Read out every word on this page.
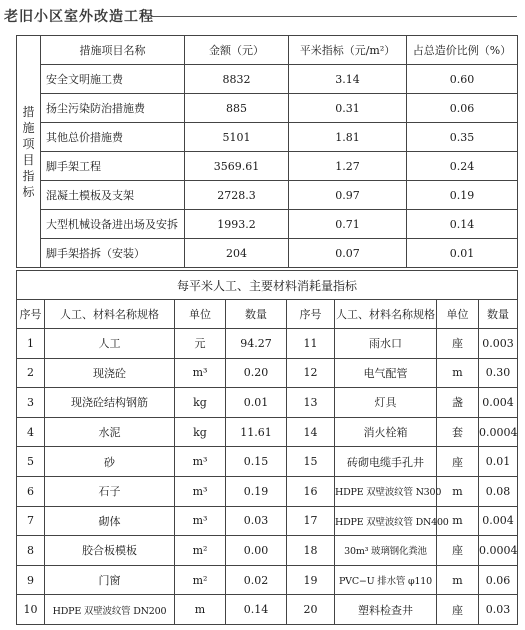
老旧小区室外改造工程
措施项目指标	措施项目名称	金额（元）	平米指标（元/m²）	占总造价比例（%）
	安全文明施工费	8832	3.14	0.60
	扬尘污染防治措施费	885	0.31	0.06
	其他总价措施费	5101	1.81	0.35
	脚手架工程	3569.61	1.27	0.24
	混凝土模板及支架	2728.3	0.97	0.19
	大型机械设备进出场及安拆	1993.2	0.71	0.14
	脚手架搭拆（安装）	204	0.07	0.01
每平米人工、主要材料消耗量指标							
序号	人工、材料名称规格	单位	数量	序号	人工、材料名称规格	单位	数量
1	人工	元	94.27	11	雨水口	座	0.003
2	现浇砼	m³	0.20	12	电气配管	m	0.30
3	现浇砼结构钢筋	kg	0.01	13	灯具	盏	0.004
4	水泥	kg	11.61	14	消火栓箱	套	0.0004
5	砂	m³	0.15	15	砖砌电缆手孔井	座	0.01
6	石子	m³	0.19	16	HDPE 双壁波纹管 N300	m	0.08
7	砌体	m³	0.03	17	HDPE 双壁波纹管 DN400	m	0.004
8	胶合板模板	m²	0.00	18	30m³ 玻璃钢化粪池	座	0.0004
9	门窗	m²	0.02	19	PVC−U 排水管 φ110	m	0.06
10	HDPE 双壁波纹管 DN200	m	0.14	20	塑料检查井	座	0.03
